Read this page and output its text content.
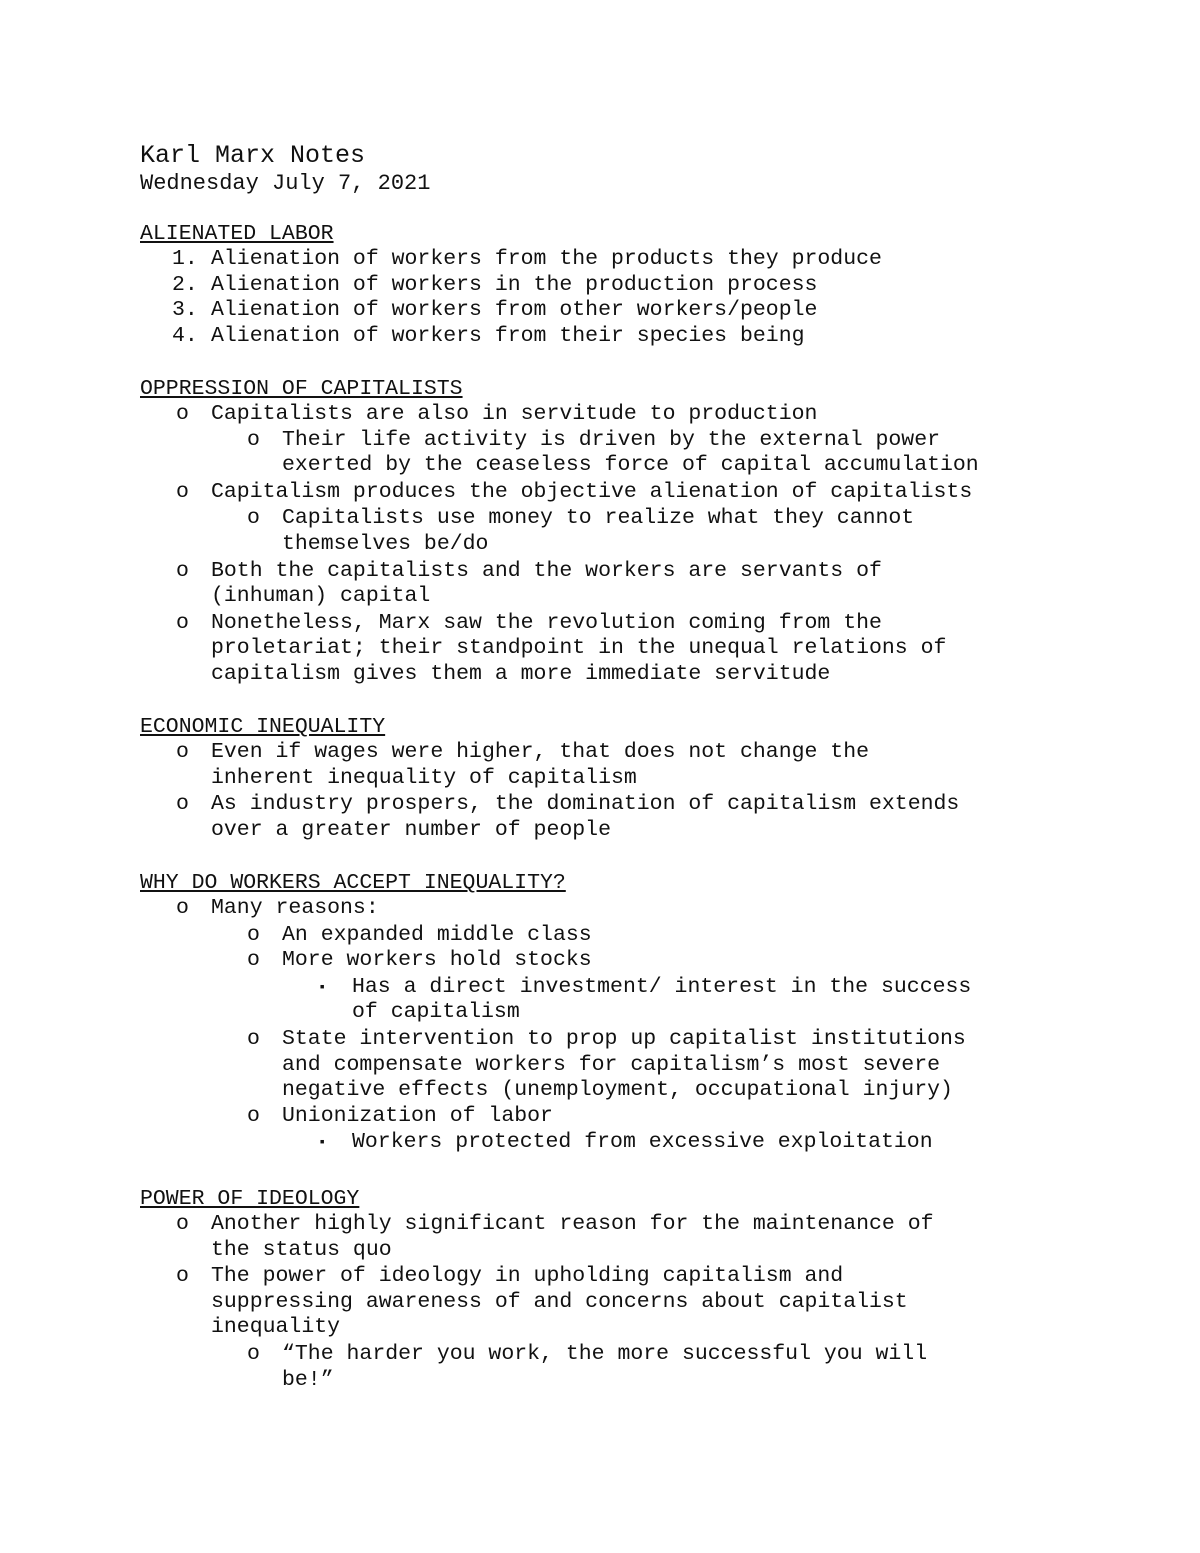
Karl Marx Notes
Wednesday July 7, 2021
ALIENATED LABOR
1. Alienation of workers from the products they produce
2. Alienation of workers in the production process
3. Alienation of workers from other workers/people
4. Alienation of workers from their species being
OPPRESSION OF CAPITALISTS
o Capitalists are also in servitude to production
o Their life activity is driven by the external power
exerted by the ceaseless force of capital accumulation
o Capitalism produces the objective alienation of capitalists
o Capitalists use money to realize what they cannot
themselves be/do
o Both the capitalists and the workers are servants of
(inhuman) capital
o Nonetheless, Marx saw the revolution coming from the
proletariat; their standpoint in the unequal relations of
capitalism gives them a more immediate servitude
ECONOMIC INEQUALITY
o Even if wages were higher, that does not change the
inherent inequality of capitalism
o As industry prospers, the domination of capitalism extends
over a greater number of people
WHY DO WORKERS ACCEPT INEQUALITY?
o Many reasons:
o An expanded middle class
o More workers hold stocks
▪ Has a direct investment/ interest in the success
of capitalism
o State intervention to prop up capitalist institutions
and compensate workers for capitalism’s most severe
negative effects (unemployment, occupational injury)
o Unionization of labor
▪ Workers protected from excessive exploitation
POWER OF IDEOLOGY
o Another highly significant reason for the maintenance of
the status quo
o The power of ideology in upholding capitalism and
suppressing awareness of and concerns about capitalist
inequality
o “The harder you work, the more successful you will
be!”
